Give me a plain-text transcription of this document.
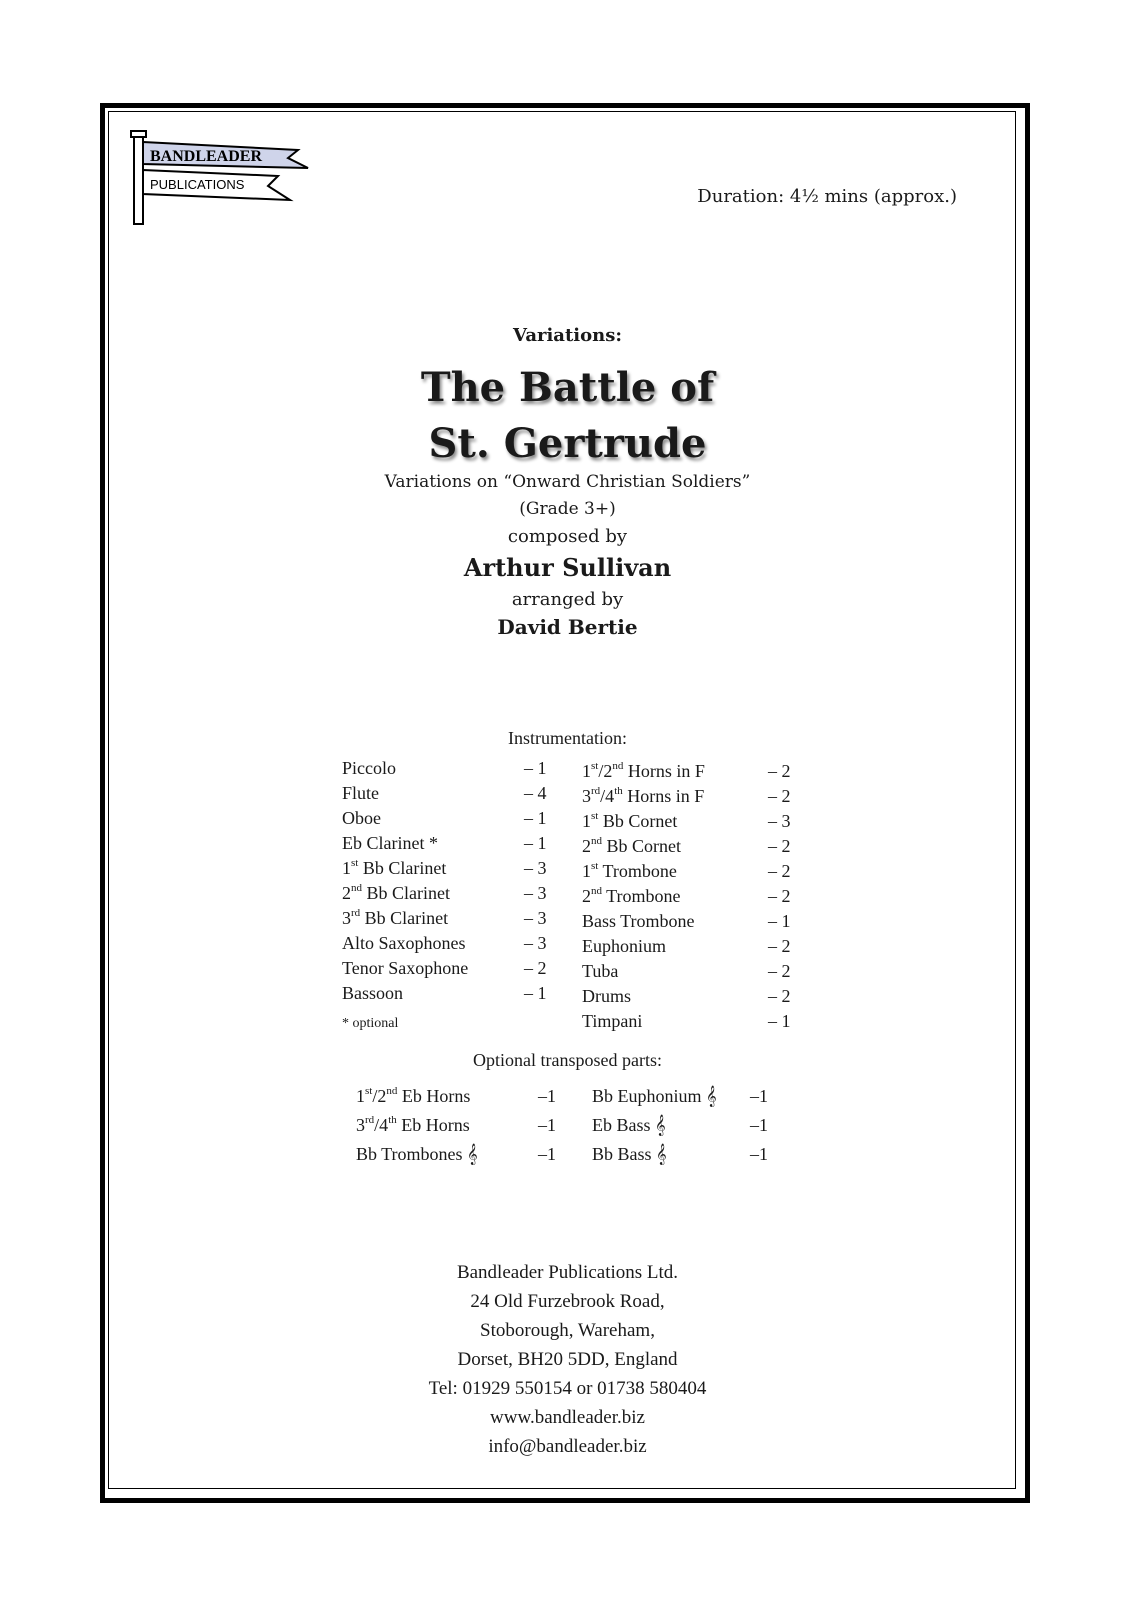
BANDLEADER
PUBLICATIONS
Duration: 4½ mins (approx.)
Variations:
The Battle of
St. Gertrude
Variations on “Onward Christian Soldiers”
(Grade 3+)
composed by
Arthur Sullivan
arranged by
David Bertie
Instrumentation:
Piccolo	– 1
Flute	– 4
Oboe	– 1
Eb Clarinet *	– 1
1st Bb Clarinet	– 3
2nd Bb Clarinet	– 3
3rd Bb Clarinet	– 3
Alto Saxophones	– 3
Tenor Saxophone	– 2
Bassoon	– 1
1st/2nd Horns in F	– 2
3rd/4th Horns in F	– 2
1st Bb Cornet	– 3
2nd Bb Cornet	– 2
1st Trombone	– 2
2nd Trombone	– 2
Bass Trombone	– 1
Euphonium	– 2
Tuba	– 2
Drums	– 2
Timpani	– 1
* optional
Optional transposed parts:
1st/2nd Eb Horns	–1
3rd/4th Eb Horns	–1
Bb Trombones 𝄞	–1
Bb Euphonium 𝄞 –1
Eb Bass 𝄞	–1
Bb Bass 𝄞	–1
Bandleader Publications Ltd.
24 Old Furzebrook Road,
Stoborough, Wareham,
Dorset, BH20 5DD, England
Tel: 01929 550154 or 01738 580404
www.bandleader.biz
info@bandleader.biz
